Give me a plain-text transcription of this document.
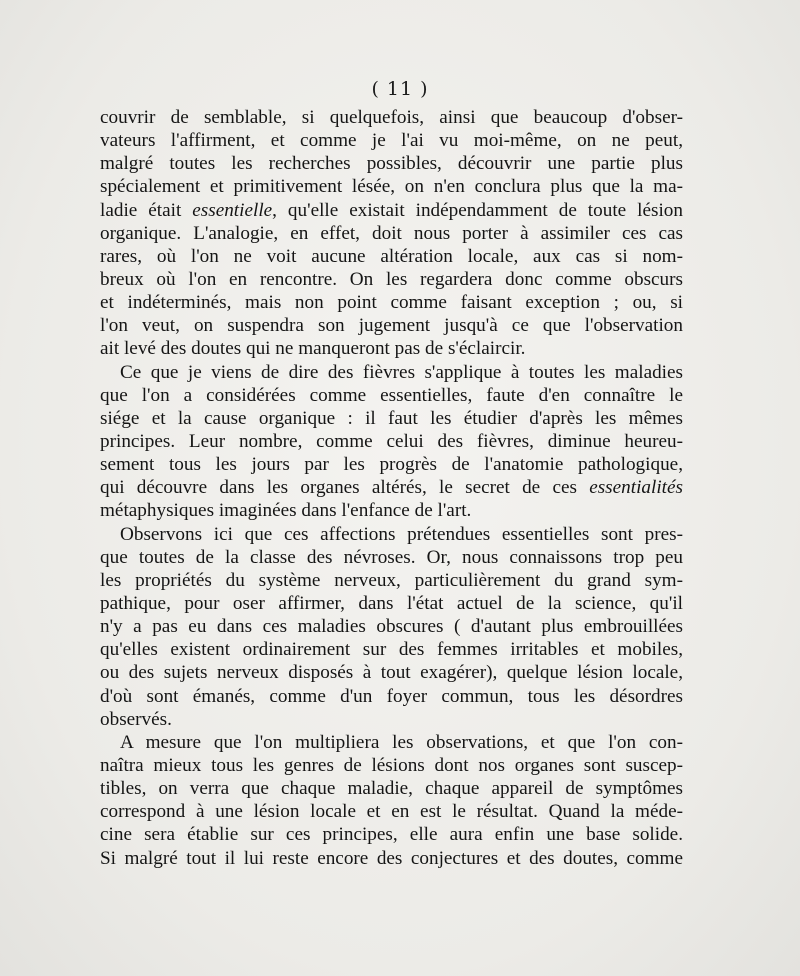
( 11 )
couvrir de semblable, si quelquefois, ainsi que beaucoup d'obser-
vateurs l'affirment, et comme je l'ai vu moi-même, on ne peut,
malgré toutes les recherches possibles, découvrir une partie plus
spécialement et primitivement lésée, on n'en conclura plus que la ma-
ladie était essentielle, qu'elle existait indépendamment de toute lésion
organique. L'analogie, en effet, doit nous porter à assimiler ces cas
rares, où l'on ne voit aucune altération locale, aux cas si nom-
breux où l'on en rencontre. On les regardera donc comme obscurs
et indéterminés, mais non point comme faisant exception ; ou, si
l'on veut, on suspendra son jugement jusqu'à ce que l'observation
ait levé des doutes qui ne manqueront pas de s'éclaircir.
Ce que je viens de dire des fièvres s'applique à toutes les maladies
que l'on a considérées comme essentielles, faute d'en connaître le
siége et la cause organique : il faut les étudier d'après les mêmes
principes. Leur nombre, comme celui des fièvres, diminue heureu-
sement tous les jours par les progrès de l'anatomie pathologique,
qui découvre dans les organes altérés, le secret de ces essentialités
métaphysiques imaginées dans l'enfance de l'art.
Observons ici que ces affections prétendues essentielles sont pres-
que toutes de la classe des névroses. Or, nous connaissons trop peu
les propriétés du système nerveux, particulièrement du grand sym-
pathique, pour oser affirmer, dans l'état actuel de la science, qu'il
n'y a pas eu dans ces maladies obscures ( d'autant plus embrouillées
qu'elles existent ordinairement sur des femmes irritables et mobiles,
ou des sujets nerveux disposés à tout exagérer), quelque lésion locale,
d'où sont émanés, comme d'un foyer commun, tous les désordres
observés.
A mesure que l'on multipliera les observations, et que l'on con-
naîtra mieux tous les genres de lésions dont nos organes sont suscep-
tibles, on verra que chaque maladie, chaque appareil de symptômes
correspond à une lésion locale et en est le résultat. Quand la méde-
cine sera établie sur ces principes, elle aura enfin une base solide.
Si malgré tout il lui reste encore des conjectures et des doutes, comme
